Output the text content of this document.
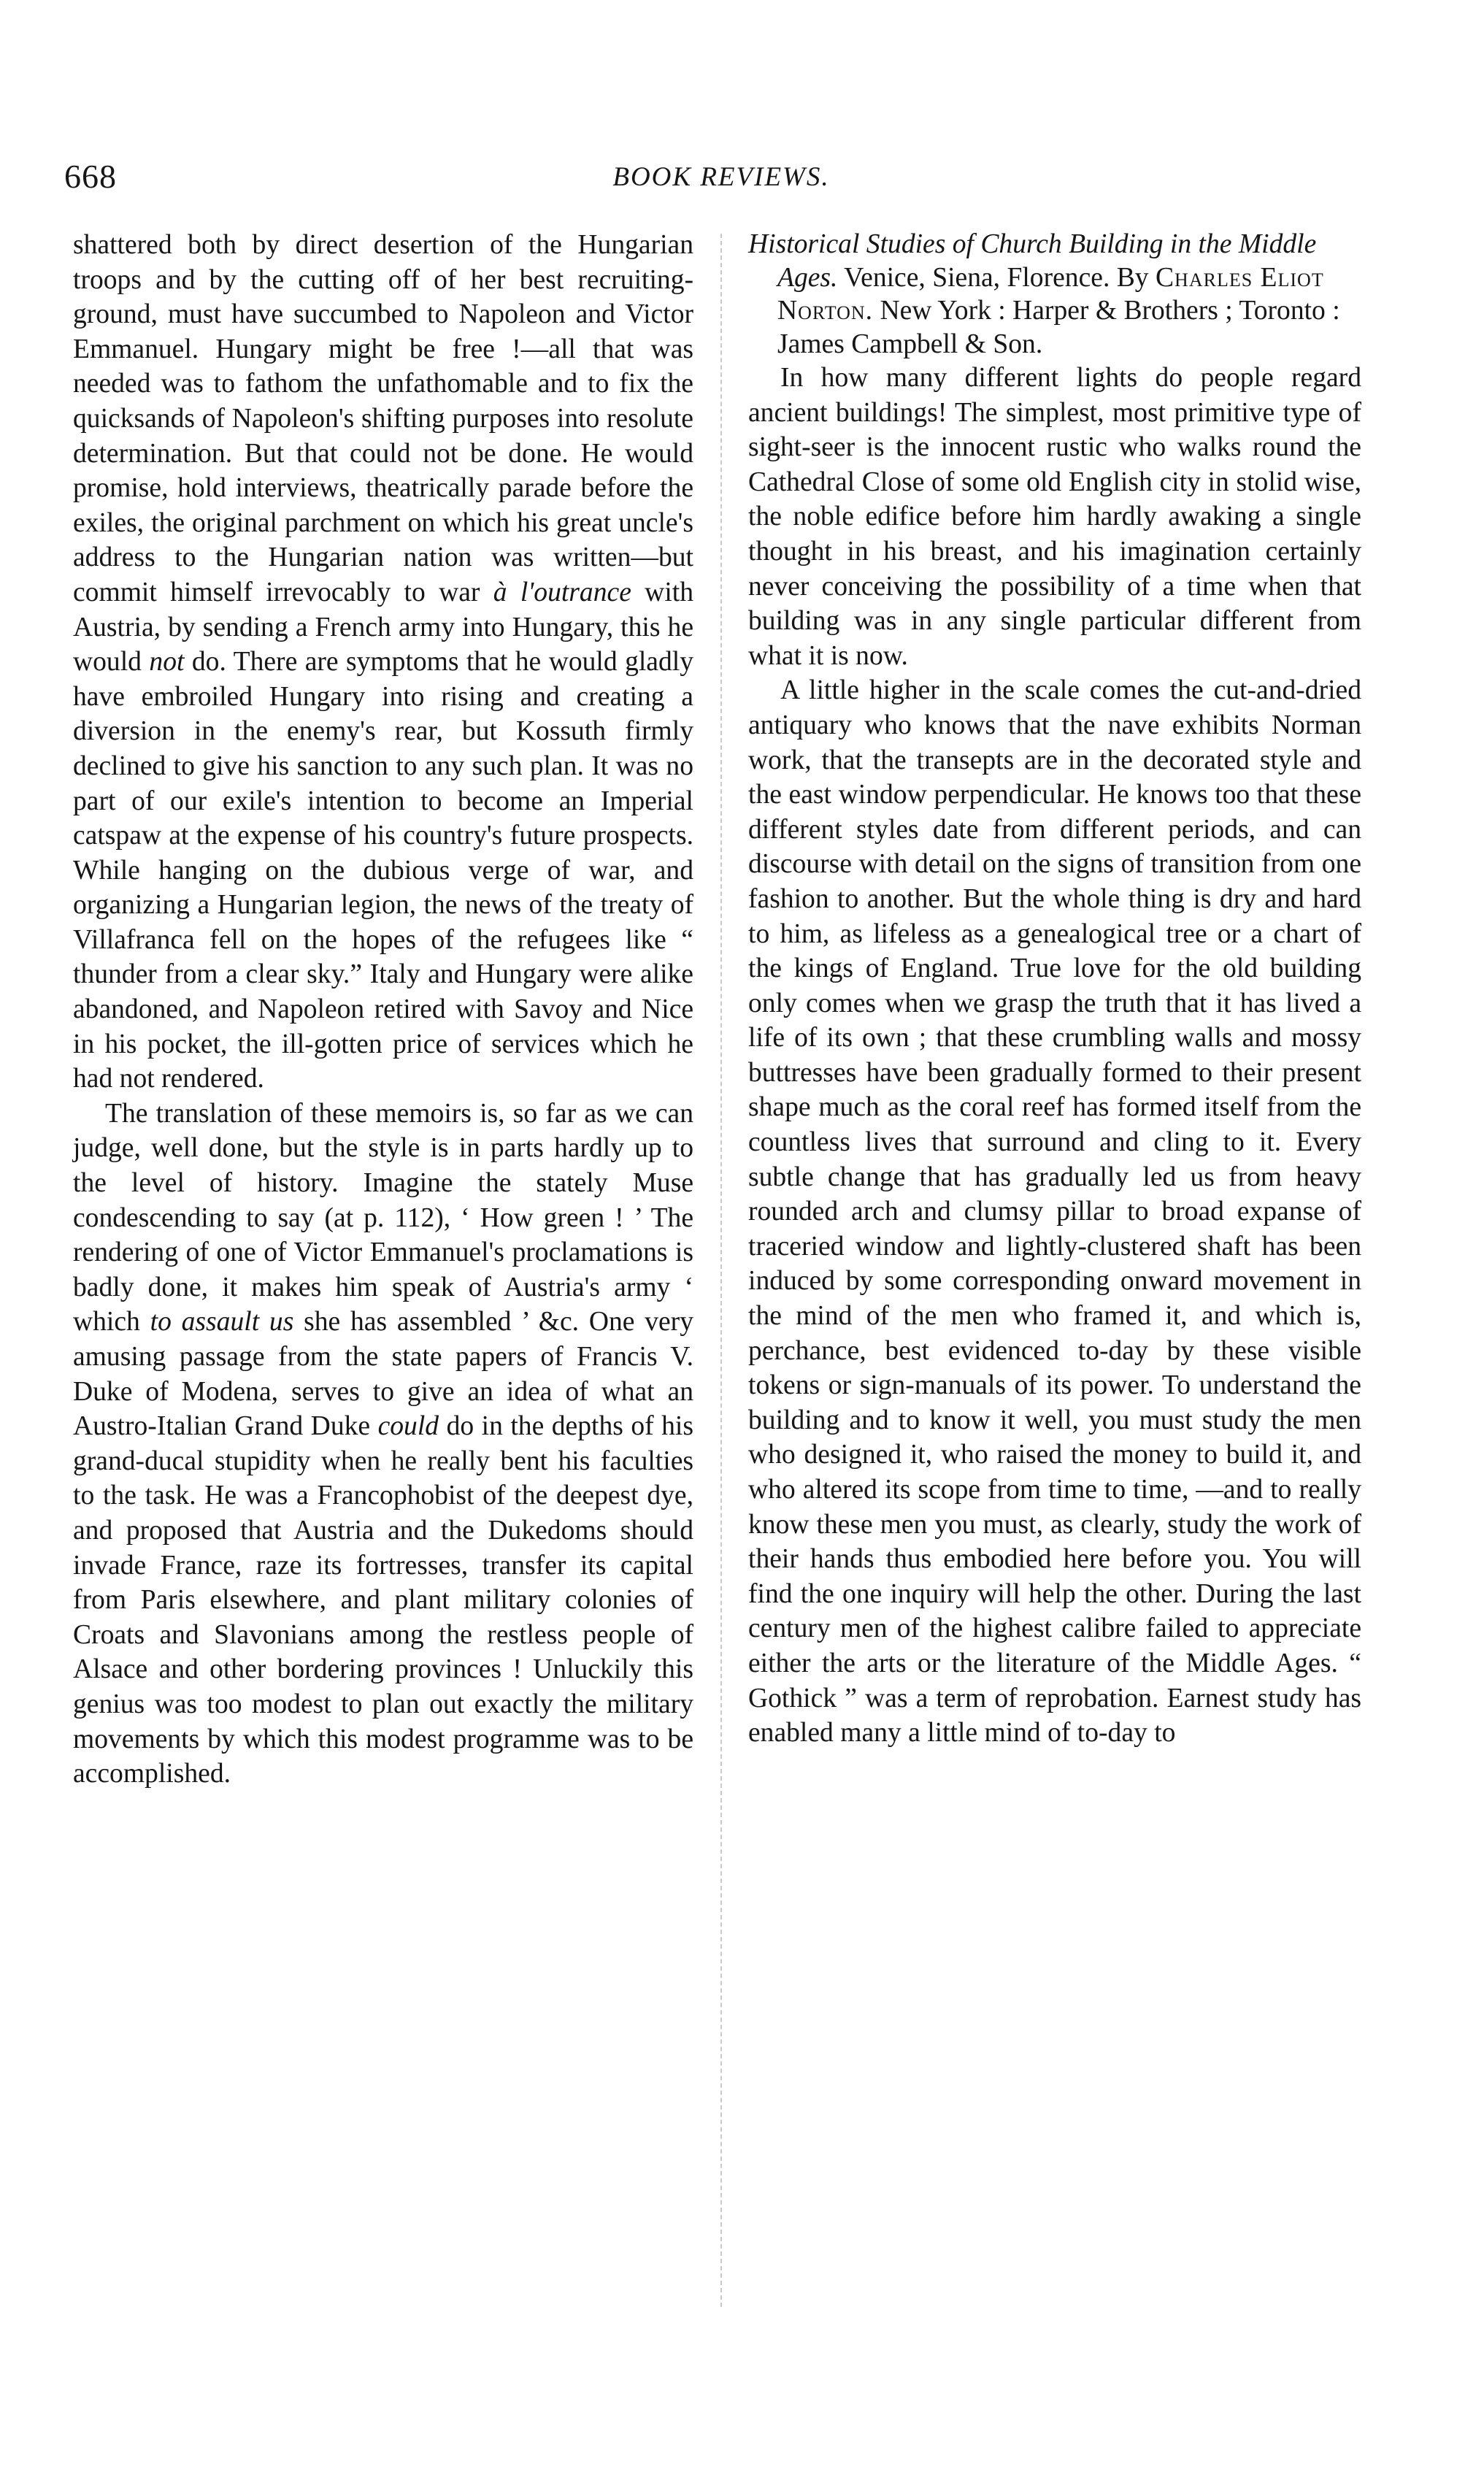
668	BOOK REVIEWS.

shattered both by direct desertion of the Hungarian troops and by the cutting off of her best recruiting-ground, must have succumbed to Napoleon and Victor Emmanuel. Hungary might be free !—all that was needed was to fathom the unfathomable and to fix the quicksands of Napoleon's shifting purposes into resolute determination. But that could not be done. He would promise, hold interviews, theatrically parade before the exiles, the original parchment on which his great uncle's address to the Hungarian nation was written—but commit himself irrevocably to war à l'outrance with Austria, by sending a French army into Hungary, this he would not do. There are symptoms that he would gladly have embroiled Hungary into rising and creating a diversion in the enemy's rear, but Kossuth firmly declined to give his sanction to any such plan. It was no part of our exile's intention to become an Imperial catspaw at the expense of his country's future prospects. While hanging on the dubious verge of war, and organizing a Hungarian legion, the news of the treaty of Villafranca fell on the hopes of the refugees like “ thunder from a clear sky.” Italy and Hungary were alike abandoned, and Napoleon retired with Savoy and Nice in his pocket, the ill-gotten price of services which he had not rendered.

The translation of these memoirs is, so far as we can judge, well done, but the style is in parts hardly up to the level of history. Imagine the stately Muse condescending to say (at p. 112), ‘ How green ! ’ The rendering of one of Victor Emmanuel's proclamations is badly done, it makes him speak of Austria's army ‘ which to assault us she has assembled ’ &c. One very amusing passage from the state papers of Francis V. Duke of Modena, serves to give an idea of what an Austro-Italian Grand Duke could do in the depths of his grand-ducal stupidity when he really bent his faculties to the task. He was a Francophobist of the deepest dye, and proposed that Austria and the Dukedoms should invade France, raze its fortresses, transfer its capital from Paris elsewhere, and plant military colonies of Croats and Slavonians among the restless people of Alsace and other bordering provinces ! Unluckily this genius was too modest to plan out exactly the military movements by which this modest programme was to be accomplished.

Historical Studies of Church Building in the Middle Ages. Venice, Siena, Florence. By Charles Eliot Norton. New York : Harper & Brothers ; Toronto : James Campbell & Son.

In how many different lights do people regard ancient buildings! The simplest, most primitive type of sight-seer is the innocent rustic who walks round the Cathedral Close of some old English city in stolid wise, the noble edifice before him hardly awaking a single thought in his breast, and his imagination certainly never conceiving the possibility of a time when that building was in any single particular different from what it is now.

A little higher in the scale comes the cut-and-dried antiquary who knows that the nave exhibits Norman work, that the transepts are in the decorated style and the east window perpendicular. He knows too that these different styles date from different periods, and can discourse with detail on the signs of transition from one fashion to another. But the whole thing is dry and hard to him, as lifeless as a genealogical tree or a chart of the kings of England. True love for the old building only comes when we grasp the truth that it has lived a life of its own ; that these crumbling walls and mossy buttresses have been gradually formed to their present shape much as the coral reef has formed itself from the countless lives that surround and cling to it. Every subtle change that has gradually led us from heavy rounded arch and clumsy pillar to broad expanse of traceried window and lightly-clustered shaft has been induced by some corresponding onward movement in the mind of the men who framed it, and which is, perchance, best evidenced to-day by these visible tokens or sign-manuals of its power. To understand the building and to know it well, you must study the men who designed it, who raised the money to build it, and who altered its scope from time to time, —and to really know these men you must, as clearly, study the work of their hands thus embodied here before you. You will find the one inquiry will help the other. During the last century men of the highest calibre failed to appreciate either the arts or the literature of the Middle Ages. “ Gothick ” was a term of reprobation. Earnest study has enabled many a little mind of to-day to
